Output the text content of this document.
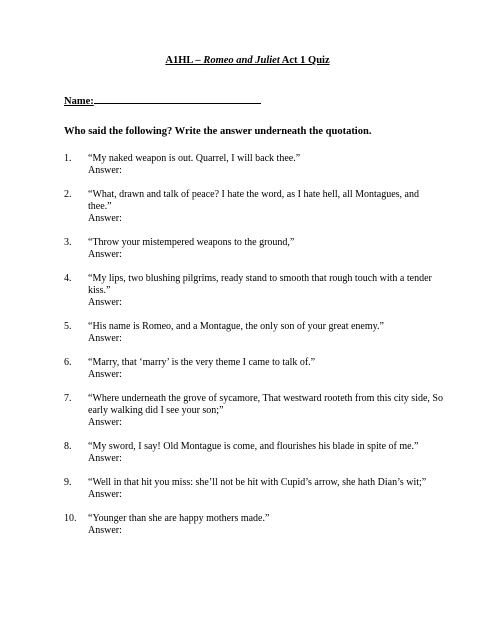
A1HL – Romeo and Juliet Act 1 Quiz
Name:
Who said the following? Write the answer underneath the quotation.
1.	“My naked weapon is out. Quarrel, I will back thee.”
Answer:
2.	“What, drawn and talk of peace? I hate the word, as I hate hell, all Montagues, and thee.”
Answer:
3.	“Throw your mistempered weapons to the ground,”
Answer:
4.	“My lips, two blushing pilgrims, ready stand to smooth that rough touch with a tender kiss.”
Answer:
5.	“His name is Romeo, and a Montague, the only son of your great enemy.”
Answer:
6.	“Marry, that ‘marry’ is the very theme I came to talk of.”
Answer:
7.	“Where underneath the grove of sycamore, That westward rooteth from this city side, So early walking did I see your son;”
Answer:
8.	“My sword, I say! Old Montague is come, and flourishes his blade in spite of me.”
Answer:
9.	“Well in that hit you miss: she’ll not be hit with Cupid’s arrow, she hath Dian’s wit;”
Answer:
10.	“Younger than she are happy mothers made.”
Answer:
